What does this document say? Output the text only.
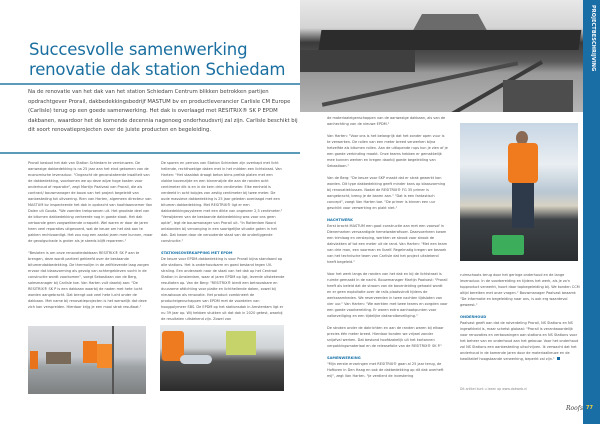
Succesvolle samenwerking renovatie dak station Schiedam
Na de renovatie van het dak van het station Schiedam Centrum blikken betrokken partijen opdrachtgever Prorail, dakbedekkingsbedrijf MASTUM bv en productleverancier Carlisle CM Europe (Carlisle) terug op een goede samenwerking. Het dak is overlaagd met RESITRIX® SK P EPDM dakbanen, waardoor het de komende decennia nagenoeg onderhoudsvrij zal zijn. Carlisle beschikt bij dit soort renovatieprojecten over de juiste producten en begeleiding.

Prorail besloot het dak van Station Schiedam te vernieuwen. De aanwezige dakbedekking is na 25 jaar aan het eind gekomen van de economische levensduur. "Ongeacht de geconstateerde kwaliteit van de dakbedekking, voorkomen we op deze wijze hoge kosten voor onderhoud of reparatie", zegt Martijn Paalvast van Prorail, die als contract/ bouwmanager de bouw van het project begeleidt van aanbesteding tot uitvoering. Rien van Harten, algemeen directeur van MASTUM bv inspecteerde het dak in opdracht van hoofdaannemer Van Dolen uit Gouda. "We voerden trekproeven uit. Het grootste deel van de bitumen dakbedekking verkeerde nog in goede staat. Het dak vertoonde geen zorgwekkende craquelé. Wel waren er door de jaren heen veel reparaties uitgevoerd, wat de keuze om het dak aan te pakken rechtvaardigt. Het zou nog een aantal jaren mee kunnen, maar de gevolgschade is groter als je steeds blijft repareren."

"Besloten is om onze renovatiedakbaan RESITRIX® SK P aan te brengen, deze wordt partieel gekleefd over de bestaande bitumendakbedekking. De thermolijm in de zelfklevende laag zorgen ervoor dat blaasvorming als gevolg van achtergebleven vocht in de constructie wordt voorkomen", voegt Sebastiaan van de Berg, salesmanager bij Carlisle toe. Van Harten vult daarbij aan: "De RESITRIX® SK P is een dakbaan waarbij de naden met hete lucht worden aangebracht. Dat brengt ook veel hete lucht onder de dakbaan. Met name bij renovatieprojecten is het wenselijk dat deze zich kan verspreiden. Hierdoor krijg je een mooi strak resultaat."

De sporen en perrons van Station Schiedam zijn overkapt met licht hellende, rechthoekige daken met in het midden een lichtstraat. Van Harten: "Het staaldak draagt beton bims prefab platen met een vlakke bovenzijde en een binnenzijde die aan de randen acht centimeter dik is en in de kern drie centimeter. Elke eenheid is verdeeld in acht kolpjes van zestig centimeter bij twee meter. De oude massieve dakbedekking is 25 jaar geleden overlaagd met een bitumen dakbedekking. Met RESITRIX® ligt er een dakbedekkingssysteem met een dikte van ongeveer 2,5 centimeter." "Verwijderen van de bestaande dakbedekking was voor ons geen optie", legt de bouwmanager van Prorail uit. "In Rotterdam Noord ontstonden bij vervanging in een soortgelijke situatie gaten in het dak. Dat kwam door de verouderde staat van de onderliggende constructie."

STATIONSOVERKAPPING MET EPDM

De keuze voor EPDM-dakbedekking is voor Prorail bijna standaard op alle stations. Het is onderhoudsarm en goed bestand tegen UV-straling. Een onderzoek naar de staat van het dak op het Centraal Station in Amsterdam, waar al jaren EPDM op ligt, leverde uitstekende resultaten op. Van de Berg: "RESITRIX® biedt een betrouwbare en duurzame afdichting voor platte en lichthellende daken, zowel bij nieuwbouw als renovatie. Het product combineert de producteigenschappen van EPDM met de voordelen van hoogpolymeer SBS. De EPDM op het stationsdak in Amsterdam ligt er nu 39 jaar op. Wij hebben stukken uit dat dak in 2020 getest, waarbij de resultaten uitstekend zijn. Zowel van

de materiaaleigenschappen van de aanwezige dakbaan, als van de aanhechting van de nieuwe EPDM."

Van Harten: "Voor ons is het belangrijk dat het zonder open vuur is te verwerken. De rollen van een meter breed verwerken bijna hetzelfde als bitumen rollen. Aan de uitlopende rups kun je zien of je een goede verbinding maakt. Onze teams hebben er gemakkelijk mee kunnen werken en kregen daarbij goede begeleiding van Sebastiaan."

Van de Berg: "De keuze voor SKP maakt dat er strak gewerkt kon worden. Dit type dakbedekking geeft minder kans op blaasvorming bij renovatieklussen. Nadat de RESITRIX® FG 35 primer is aangebracht, breng je de banen aan." "Dat is een fantastisch concept", voegt Van Harten toe. "De primer is binnen een uur geschikt voor verwerking en plakt niet."

NACHTWERK

Eerst bracht MASTUM een goot constructie aan met een voorsof in Dienemarken vervaardigde hemelwaterafvoer. Daarvoerheen kwam een trimlaag en versleping, werkten ze strook voor strook de dakvlakken af tot een meter uit de rand. Van Harten: "Met een team van drie man, een voorman en Ikzelf. Regelmatig kregen we bezoek van het technische team van Carlisle dat het project uitstekend heeft begeleid."

Voor het werk langs de randen van het dak en bij de lichtstraat is ruimte gemaakt in de nacht. Bouwmanager Martijn Paalvast: "Prorail heeft als beleid dat de stroom van de bovenleiding gehaald wordt en er geen exploitatie over de rails plaatsvindt tijdens de werkzaamheden. We reserveerden in twee nachten tijdsloten van vier uur." Van Harten: "We werkten met twee teams en zorgden voor een goede voorbereiding. Er waren extra aanhaakpunten voor valbeveiliging en een tijdelijke dakrandbeveiliging."

De stroken onder de dakrichten en aan de randen waren bij elkaar precies één meter breed. Hierdoor konden we vrijwel zonder snijafval werken. Dat bestond hoofdzakelijk uit het kartonnen verpakkingsmateriaal en de releasefolie van de RESITRIX® SK P."

SAMENWERKING

"Mijn eerste ervaringen met RESITRIX® gaan al 25 jaar terug, de Hoftoren in Den Haag en ook de dakbedekking op dit dak overheft mij", zegt Van Harten. "Je verdient de investering

ruimschoots terug door het geringe onderhoud en de lange levensduur. In de voorbereiding en tijdens het werk, als je zo'n topproduct verwerkt, hoort daar topbegeleiding bij. We konden CCM altijd bereiken met onze vragen." Bouwmanager Paalvast beaamt: "De informatie en begeleiding naar ons, is ook erg waardevol geweest."

ONDERHOUD

Paalvast geeft aan dat de rolverdeling Prorail, NS Stations en NS ingewikkeld is, maar schetst globaal: "Prorail is verantwoordelijk voor renovaties en verbouwingen aan stations en NS Stations voor het beheer van en onderhoud aan het gebouw. Voor het onderhoud zal NS Stations een aanbesteding uitschrijven. Ik verwacht dat het onderhoud in de komende jaren door de materiaalkeuze en de kwalitatief hoogstaande verwerking, beperkt zal zijn."

Dit artikel kunt u lezen op www.dakweb.nl
PROJECTBESCHRIJVING
Roofs 77
